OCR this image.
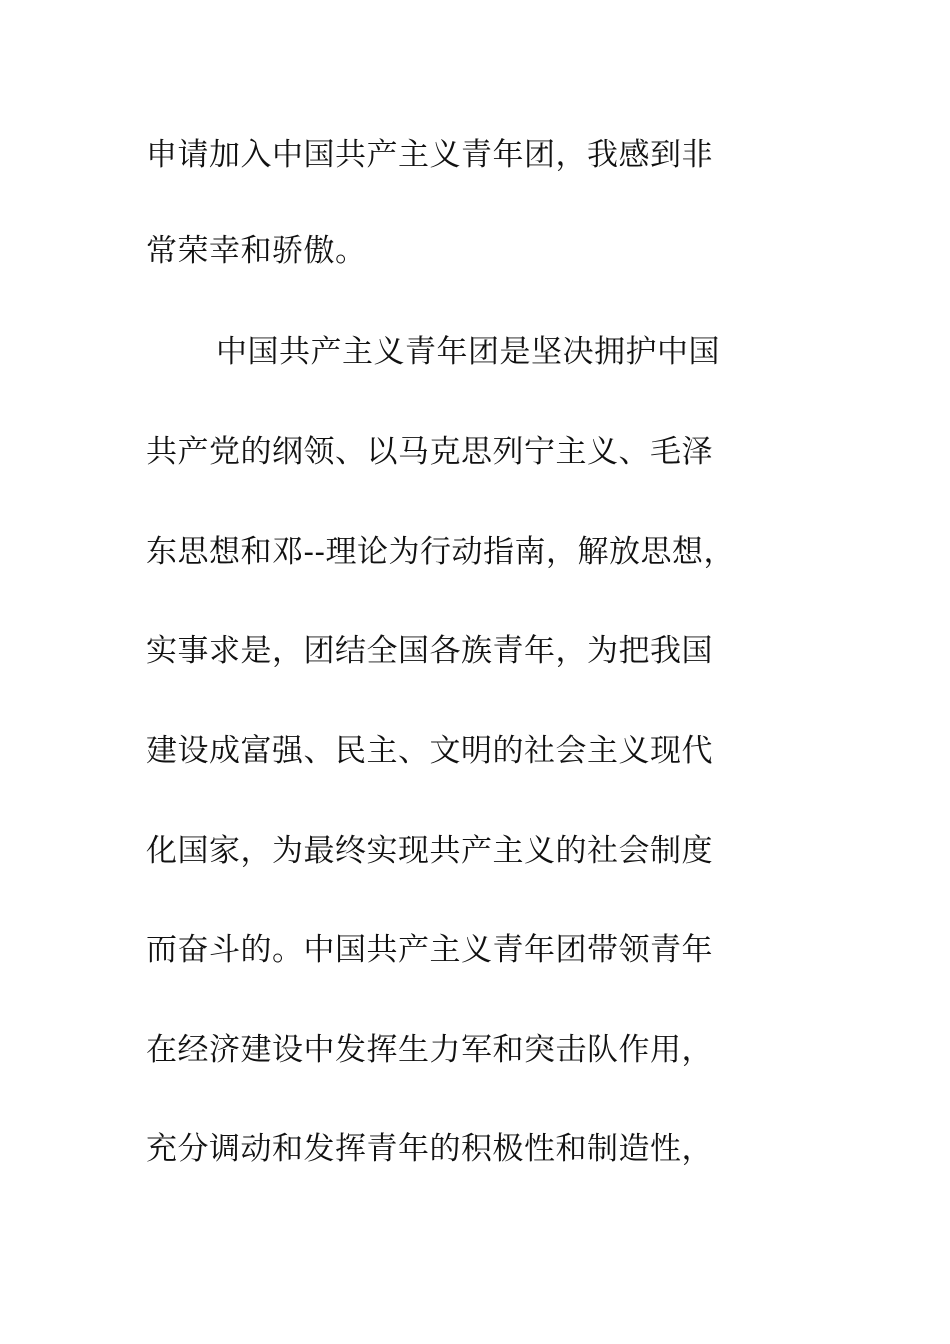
申请加入中国共产主义青年团，我感到非
常荣幸和骄傲。
中国共产主义青年团是坚决拥护中国
共产党的纲领、以马克思列宁主义、毛泽
东思想和邓--理论为行动指南，解放思想，
实事求是，团结全国各族青年，为把我国
建设成富强、民主、文明的社会主义现代
化国家，为最终实现共产主义的社会制度
而奋斗的。中国共产主义青年团带领青年
在经济建设中发挥生力军和突击队作用，
充分调动和发挥青年的积极性和制造性，
